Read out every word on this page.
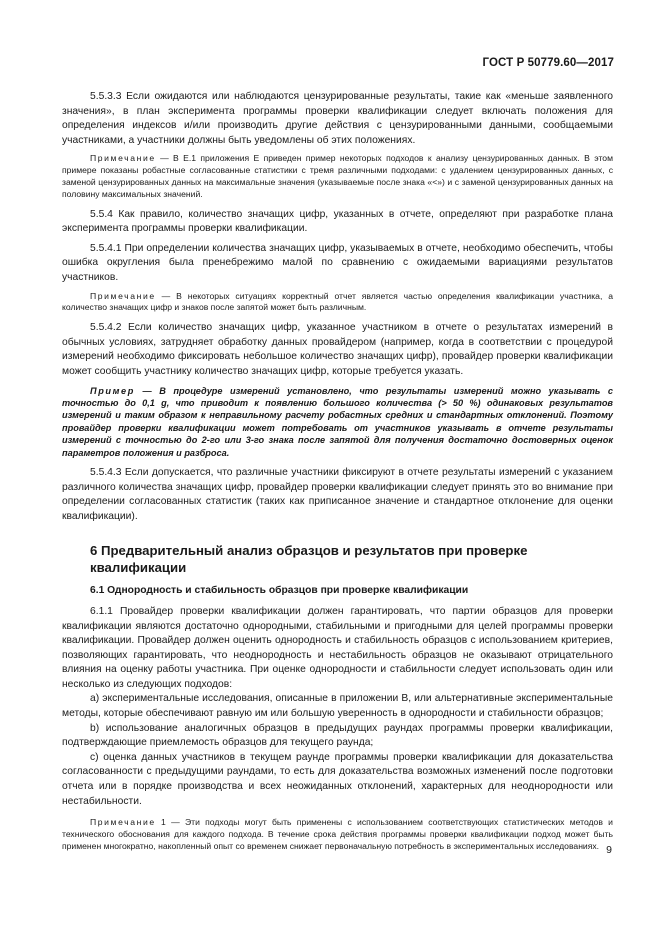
ГОСТ Р 50779.60—2017

5.5.3.3 Если ожидаются или наблюдаются цензурированные результаты, такие как «меньше заявленного значения», в план эксперимента программы проверки квалификации следует включать положения для определения индексов и/или производить другие действия с цензурированными данными, сообщаемыми участниками, а участники должны быть уведомлены об этих положениях.

Примечание — В Е.1 приложения Е приведен пример некоторых подходов к анализу цензурированных данных. В этом примере показаны робастные согласованные статистики с тремя различными подходами: с удалением цензурированных данных, с заменой цензурированных данных на максимальные значения (указываемые после знака «<») и с заменой цензурированных данных на половину максимальных значений.

5.5.4 Как правило, количество значащих цифр, указанных в отчете, определяют при разработке плана эксперимента программы проверки квалификации.

5.5.4.1 При определении количества значащих цифр, указываемых в отчете, необходимо обеспечить, чтобы ошибка округления была пренебрежимо малой по сравнению с ожидаемыми вариациями результатов участников.

Примечание — В некоторых ситуациях корректный отчет является частью определения квалификации участника, а количество значащих цифр и знаков после запятой может быть различным.

5.5.4.2 Если количество значащих цифр, указанное участником в отчете о результатах измерений в обычных условиях, затрудняет обработку данных провайдером (например, когда в соответствии с процедурой измерений необходимо фиксировать небольшое количество значащих цифр), провайдер проверки квалификации может сообщить участнику количество значащих цифр, которые требуется указать.

Пример — В процедуре измерений установлено, что результаты измерений можно указывать с точностью до 0,1 g, что приводит к появлению большого количества (> 50 %) одинаковых результатов измерений и таким образом к неправильному расчету робастных средних и стандартных отклонений. Поэтому провайдер проверки квалификации может потребовать от участников указывать в отчете результаты измерений с точностью до 2-го или 3-го знака после запятой для получения достаточно достоверных оценок параметров положения и разброса.

5.5.4.3 Если допускается, что различные участники фиксируют в отчете результаты измерений с указанием различного количества значащих цифр, провайдер проверки квалификации следует принять это во внимание при определении согласованных статистик (таких как приписанное значение и стандартное отклонение для оценки квалификации).

6 Предварительный анализ образцов и результатов при проверке квалификации
6.1 Однородность и стабильность образцов при проверке квалификации

6.1.1 Провайдер проверки квалификации должен гарантировать, что партии образцов для проверки квалификации являются достаточно однородными, стабильными и пригодными для целей программы проверки квалификации. Провайдер должен оценить однородность и стабильность образцов с использованием критериев, позволяющих гарантировать, что неоднородность и нестабильность образцов не оказывают отрицательного влияния на оценку работы участника. При оценке однородности и стабильности следует использовать один или несколько из следующих подходов:

а) экспериментальные исследования, описанные в приложении В, или альтернативные экспериментальные методы, которые обеспечивают равную им или большую уверенность в однородности и стабильности образцов;

b) использование аналогичных образцов в предыдущих раундах программы проверки квалификации, подтверждающие приемлемость образцов для текущего раунда;

с) оценка данных участников в текущем раунде программы проверки квалификации для доказательства согласованности с предыдущими раундами, то есть для доказательства возможных изменений после подготовки отчета или в порядке производства и всех неожиданных отклонений, характерных для неоднородности или нестабильности.

Примечание 1 — Эти подходы могут быть применены с использованием соответствующих статистических методов и технического обоснования для каждого подхода. В течение срока действия программы проверки квалификации подход может быть применен многократно, накопленный опыт со временем снижает первоначальную потребность в экспериментальных исследованиях. 9
